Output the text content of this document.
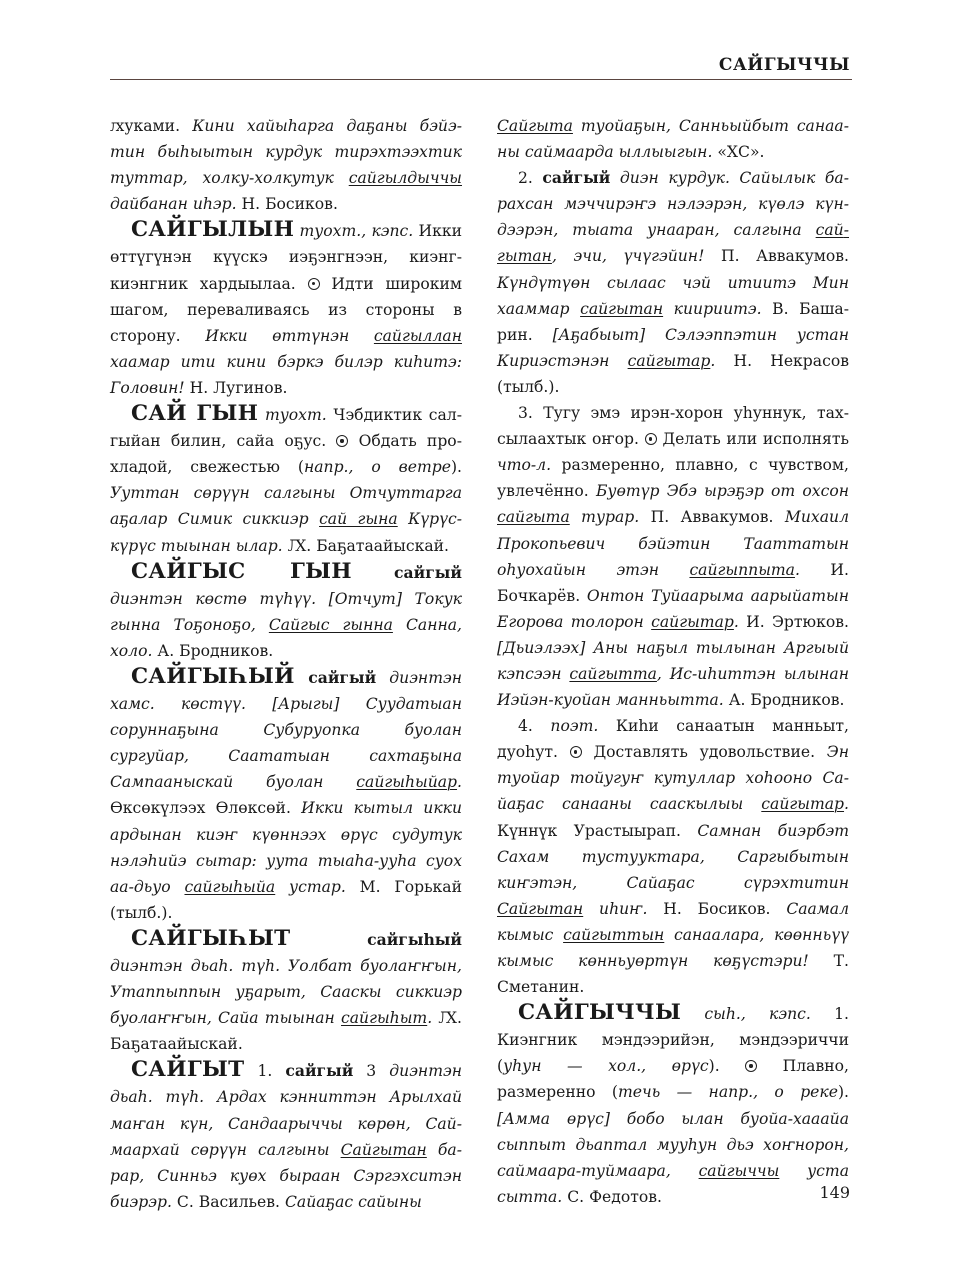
САЙГЫЧЧЫ

ԕуками. Кини хайыһарга даҕаны бэйэтин быһыытын курдук тирэхтээхтик туттар, холку-холкутук сайгылдыччы дайбанан иһэр. Н. Босиков.

САЙГЫЛЫН туохт., кэпс. Икки өттүгүнэн күүскэ иэҕэнгнээн, киэнг-киэнгник хардыылаа.  Идти широким шагом, переваливаясь из стороны в сторону. Икки өттүнэн сайгыллан хаамар ити кини бэркэ билэр киһитэ: Головин! Н. Лугинов.

САЙ ГЫН туохт. Чэбдиктик салгыйан билин, сайа оҕус.  Обдать прохладой, свежестью (напр., о ветре). Ууттан сөрүүн салгыны Отчуттарга аҕалар Симик сиккиэр сай гына Күрүскүрүс тыынан ылар. Ԕ. Баҕатаайыскай.

САЙГЫС ГЫН сайгый диэнтэн көстө түһүү. [Отчут] Токук гынна Тоҕоноҕо, Сайгыс гынна Санна, холо. А. Бродников.

САЙГЫҺЫЙ сайгый диэнтэн хамс. көстүү. [Арыгы] Суудатыан соруннаҕына Субуруопка буолан сургуйар, Саататыан сахтаҕына Сампааныскай буолан сайгыһыйар. Өксөкүлээх Өлөксөй. Икки кытыл икки ардынан киэҥ күөннээх өрүс судутук нэлэһийэ сытар: уута тыаһа-ууһа суох аа-дьуо сайгыһыйа устар. М. Горькай (тылб.).

САЙГЫҺЫТ сайгыһый диэнтэн дьаһ. түһ. Уолбат буолаҥҥын, Утаппыппын уҕарыт, Сааскы сиккиэр буолаҥҥын, Сайа тыынан сайгыһыт. Ԕ. Баҕатаайыскай.

САЙГЫТ 1. сайгый 3 диэнтэн дьаһ. түһ. Ардах кэнниттэн Арылхай маҥан күн, Сандаарыччы көрөн, Саймаархай сөрүүн салгыны Сайгытан барар, Синньэ куөх быраан Сэргэхситэн биэрэр. С. Васильев. Сайаҕас сайыны

Сайгыта туойаҕын, Санньыйбыт санааны саймаарда ыллыыгын. «ХС».

2. сайгый диэн курдук. Сайылык барахсан мэччирэҥэ нэлээрэн, күөлэ күндээрэн, тыата унааран, салгына сайгытан, эчи, үчүгэйин! П. Аввакумов. Күндүтүөн сылаас чэй итиитэ Мин хааммар сайгытан киириитэ. В. Башарин. [Аҕабыыт] Сэлээппэтин устан Кириэстэнэн сайгытар. Н. Некрасов (тылб.).

3. Тугу эмэ ирэн-хорон уһуннук, тахсылаахтык оҥор.  Делать или исполнять что-л. размеренно, плавно, с чувством, увлечённо. Буөтүр Эбэ ырэҕэр от охсон сайгыта турар. П. Аввакумов. Михаил Прокопьевич бэйэтин Тааттатын оһуохайын этэн сайгыппыта. И. Бочкарёв. Онтон Туйаарыма аарыйатын Егорова толорон сайгытар. И. Эртюков. [Дьиэлээх] Аны наҕыл тылынан Аргыый кэпсээн сайгытта, Ис-иһиттэн ылынан Иэйэн-куойан манньытта. А. Бродников.

4. поэт. Киһи санаатын манньыт, дуоһут.  Доставлять удовольствие. Эн туойар тойугуҥ кутуллар хоһооно Сайаҕас санааны сааскылыы сайгытар. Күннүк Урастыырап. Самнан биэрбэт Сахам тустууктара, Саргыбытын киҥэтэн, Сайаҕас сүрэхтитин Сайгытан иһиҥ. Н. Босиков. Саамал кымыс сайгыттын санаалара, көөнньүү кымыс көнньуөртүн көҕүстэри! Т. Сметанин.

САЙГЫЧЧЫ сыһ., кэпс. 1. Киэнгник мэндээрийэн, мэндээриччи (уһун — хол., өрүс).  Плавно, размеренно (течь — напр., о реке). [Амма өрүс] бобо ылан буойа-хааайа сыппыт дьаптал мууһун дьэ хоҥнорон, саймаара-туймаара, сайгыччы уста сытта. С. Федотов.	149
